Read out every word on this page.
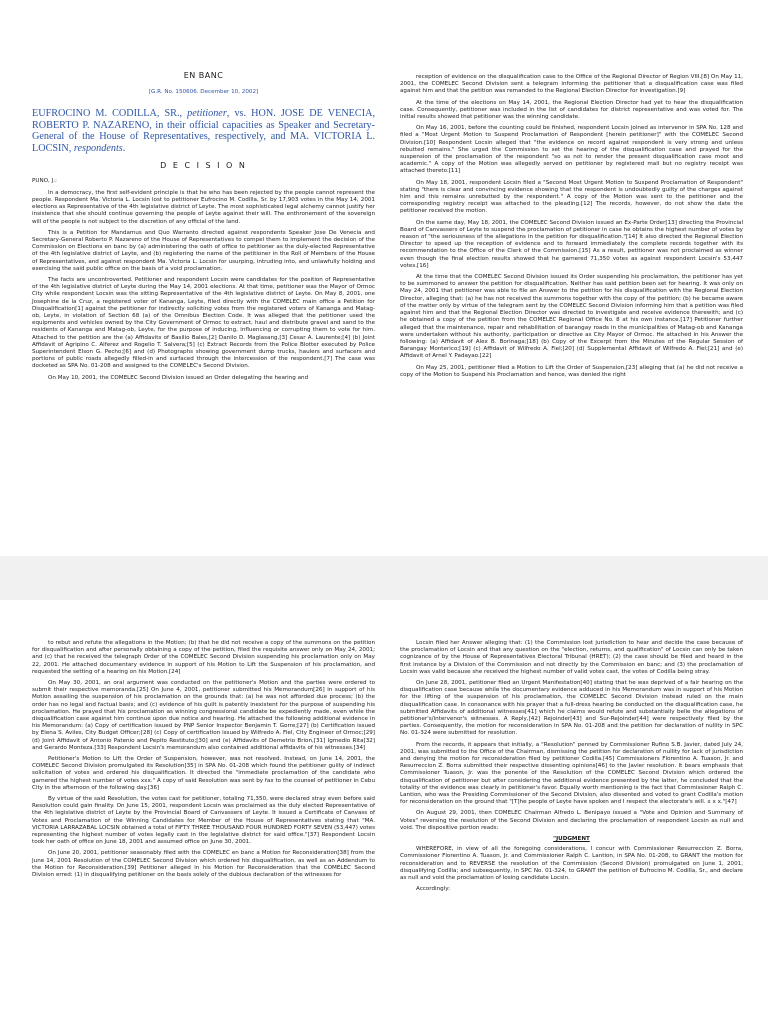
EN BANC

[G.R. No. 150606. December 10, 2002]

EUFROCINO M. CODILLA, SR., petitioner, vs. HON. JOSE DE VENECIA, ROBERTO P. NAZARENO, in their official capacities as Speaker and Secretary-General of the House of Representatives, respectively, and MA. VICTORIA L. LOCSIN, respondents.

D E C I S I O N

PUNO, J.:

In a democracy, the first self-evident principle is that he who has been rejected by the people cannot represent the people. Respondent Ma. Victoria L. Locsin lost to petitioner Eufrocino M. Codilla, Sr. by 17,903 votes in the May 14, 2001 elections as Representative of the 4th legislative district of Leyte. The most sophisticated legal alchemy cannot justify her insistence that she should continue governing the people of Leyte against their will. The enthronement of the sovereign will of the people is not subject to the discretion of any official of the land.

This is a Petition for Mandamus and Quo Warranto directed against respondents Speaker Jose De Venecia and Secretary-General Roberto P. Nazareno of the House of Representatives to compel them to implement the decision of the Commission on Elections en banc by (a) administering the oath of office to petitioner as the duly-elected Representative of the 4th legislative district of Leyte, and (b) registering the name of the petitioner in the Roll of Members of the House of Representatives, and against respondent Ma. Victoria L. Locsin for usurping, intruding into, and unlawfully holding and exercising the said public office on the basis of a void proclamation.

The facts are uncontroverted. Petitioner and respondent Locsin were candidates for the position of Representative of the 4th legislative district of Leyte during the May 14, 2001 elections. At that time, petitioner was the Mayor of Ormoc City while respondent Locsin was the sitting Representative of the 4th legislative district of Leyte. On May 8, 2001, one Josephine de la Cruz, a registered voter of Kananga, Leyte, filed directly with the COMELEC main office a Petition for Disqualification[1] against the petitioner for indirectly soliciting votes from the registered voters of Kananga and Matag-ob, Leyte, in violation of Section 68 (a) of the Omnibus Election Code. It was alleged that the petitioner used the equipments and vehicles owned by the City Government of Ormoc to extract, haul and distribute gravel and sand to the residents of Kananga and Matag-ob, Leyte, for the purpose of inducing, influencing or corrupting them to vote for him. Attached to the petition are the (a) Affidavits of Basilio Bales,[2] Danilo D. Maglasang,[3] Cesar A. Laurente;[4] (b) Joint Affidavit of Agripino C. Alferez and Rogelio T. Salvera;[5] (c) Extract Records from the Police Blotter executed by Police Superintendent Elson G. Pecho;[6] and (d) Photographs showing government dump trucks, haulers and surfacers and portions of public roads allegedly filled-in and surfaced through the intercession of the respondent.[7] The case was docketed as SPA No. 01-208 and assigned to the COMELEC's Second Division.

On May 10, 2001, the COMELEC Second Division issued an Order delegating the hearing and

reception of evidence on the disqualification case to the Office of the Regional Director of Region VIII.[8] On May 11, 2001, the COMELEC Second Division sent a telegram informing the petitioner that a disqualification case was filed against him and that the petition was remanded to the Regional Election Director for investigation.[9]

At the time of the elections on May 14, 2001, the Regional Election Director had yet to hear the disqualification case. Consequently, petitioner was included in the list of candidates for district representative and was voted for. The initial results showed that petitioner was the winning candidate.

On May 16, 2001, before the counting could be finished, respondent Locsin joined as intervenor in SPA No. 128 and filed a "Most Urgent Motion to Suspend Proclamation of Respondent [herein petitioner]" with the COMELEC Second Division.[10] Respondent Locsin alleged that "the evidence on record against respondent is very strong and unless rebutted remains." She urged the Commission to set the hearing of the disqualification case and prayed for the suspension of the proclamation of the respondent "so as not to render the present disqualification case moot and academic." A copy of the Motion was allegedly served on petitioner by registered mail but no registry receipt was attached thereto.[11]

On May 18, 2001, respondent Locsin filed a "Second Most Urgent Motion to Suspend Proclamation of Respondent" stating "there is clear and convincing evidence showing that the respondent is undoubtedly guilty of the charges against him and this remains unrebutted by the respondent." A copy of the Motion was sent to the petitioner and the corresponding registry receipt was attached to the pleading.[12] The records, however, do not show the date the petitioner received the motion.

On the same day, May 18, 2001, the COMELEC Second Division issued an Ex-Parte Order[13] directing the Provincial Board of Canvassers of Leyte to suspend the proclamation of petitioner in case he obtains the highest number of votes by reason of "the seriousness of the allegations in the petition for disqualification."[14] It also directed the Regional Election Director to speed up the reception of evidence and to forward immediately the complete records together with its recommendation to the Office of the Clerk of the Commission.[15] As a result, petitioner was not proclaimed as winner even though the final election results showed that he garnered 71,350 votes as against respondent Locsin's 53,447 votes.[16]

At the time that the COMELEC Second Division issued its Order suspending his proclamation, the petitioner has yet to be summoned to answer the petition for disqualification. Neither has said petition been set for hearing. It was only on May 24, 2001 that petitioner was able to file an Answer to the petition for his disqualification with the Regional Election Director, alleging that: (a) he has not received the summons together with the copy of the petition; (b) he became aware of the matter only by virtue of the telegram sent by the COMELEC Second Division informing him that a petition was filed against him and that the Regional Election Director was directed to investigate and receive evidence therewith; and (c) he obtained a copy of the petition from the COMELEC Regional Office No. 8 at his own instance.[17] Petitioner further alleged that the maintenance, repair and rehabilitation of barangay roads in the municipalities of Matag-ob and Kananga were undertaken without his authority, participation or directive as City Mayor of Ormoc. He attached in his Answer the following: (a) Affidavit of Alex B. Borinaga;[18] (b) Copy of the Excerpt from the Minutes of the Regular Session of Barangay Monterico;[19] (c) Affidavit of Wilfredo A. Fiel;[20] (d) Supplemental Affidavit of Wilfredo A. Fiel;[21] and (e) Affidavit of Arnel Y. Padayao.[22]

On May 25, 2001, petitioner filed a Motion to Lift the Order of Suspension,[23] alleging that (a) he did not receive a copy of the Motion to Suspend his Proclamation and hence, was denied the right

to rebut and refute the allegations in the Motion; (b) that he did not receive a copy of the summons on the petition for disqualification and after personally obtaining a copy of the petition, filed the requisite answer only on May 24, 2001; and (c) that he received the telegraph Order of the COMELEC Second Division suspending his proclamation only on May 22, 2001. He attached documentary evidence in support of his Motion to Lift the Suspension of his proclamation, and requested the setting of a hearing on his Motion.[24]

On May 30, 2001, an oral argument was conducted on the petitioner's Motion and the parties were ordered to submit their respective memoranda.[25] On June 4, 2001, petitioner submitted his Memorandum[26] in support of his Motion assailing the suspension of his proclamation on the grounds that: (a) he was not afforded due process; (b) the order has no legal and factual basis; and (c) evidence of his guilt is patently inexistent for the purpose of suspending his proclamation. He prayed that his proclamation as winning congressional candidate be expediently made, even while the disqualification case against him continue upon due notice and hearing. He attached the following additional evidence in his Memorandum: (a) Copy of certification issued by PNP Senior Inspector Benjamin T. Gorre;[27] (b) Certification issued by Elena S. Aviles, City Budget Officer;[28] (c) Copy of certification issued by Wilfredo A. Fiel, City Engineer of Ormoc;[29] (d) Joint Affidavit of Antonio Patenio and Pepito Restituto;[30] and (e) Affidavits of Demetrio Brion,[31] Igmedio Rita[32] and Gerardo Monteza.[33] Respondent Locsin's memorandum also contained additional affidavits of his witnesses.[34]

Petitioner's Motion to Lift the Order of Suspension, however, was not resolved. Instead, on June 14, 2001, the COMELEC Second Division promulgated its Resolution[35] in SPA No. 01-208 which found the petitioner guilty of indirect solicitation of votes and ordered his disqualification. It directed the "immediate proclamation of the candidate who garnered the highest number of votes xxx." A copy of said Resolution was sent by fax to the counsel of petitioner in Cebu City in the afternoon of the following day.[36]

By virtue of the said Resolution, the votes cast for petitioner, totaling 71,350, were declared stray even before said Resolution could gain finality. On June 15, 2001, respondent Locsin was proclaimed as the duly elected Representative of the 4th legislative district of Leyte by the Provincial Board of Canvassers of Leyte. It issued a Certificate of Canvass of Votes and Proclamation of the Winning Candidates for Member of the House of Representatives stating that "MA. VICTORIA LARRAZABAL LOCSIN obtained a total of FIFTY THREE THOUSAND FOUR HUNDRED FORTY SEVEN (53,447) votes representing the highest number of votes legally cast in the legislative district for said office."[37] Respondent Locsin took her oath of office on June 18, 2001 and assumed office on June 30, 2001.

On June 20, 2001, petitioner seasonably filed with the COMELEC en banc a Motion for Reconsideration[38] from the June 14, 2001 Resolution of the COMELEC Second Division which ordered his disqualification, as well as an Addendum to the Motion for Reconsideration.[39] Petitioner alleged in his Motion for Reconsideration that the COMELEC Second Division erred: (1) in disqualifying petitioner on the basis solely of the dubious declaration of the witnesses for

Locsin filed her Answer alleging that: (1) the Commission lost jurisdiction to hear and decide the case because of the proclamation of Locsin and that any question on the "election, returns, and qualification" of Locsin can only be taken cognizance of by the House of Representatives Electoral Tribunal (HRET); (2) the case should be filed and heard in the first instance by a Division of the Commission and not directly by the Commission en banc; and (3) the proclamation of Locsin was valid because she received the highest number of valid votes cast, the votes of Codilla being stray.

On June 28, 2001, petitioner filed an Urgent Manifestation[40] stating that he was deprived of a fair hearing on the disqualification case because while the documentary evidence adduced in his Memorandum was in support of his Motion for the lifting of the suspension of his proclamation, the COMELEC Second Division instead ruled on the main disqualification case. In consonance with his prayer that a full-dress hearing be conducted on the disqualification case, he submitted Affidavits of additional witnesses[41] which he claims would refute and substantially belie the allegations of petitioner's/intervenor's witnesses. A Reply,[42] Rejoinder[43] and Sur-Rejoinder[44] were respectively filed by the parties. Consequently, the motion for reconsideration in SPA No. 01-208 and the petition for declaration of nullity in SPC No. 01-324 were submitted for resolution.

From the records, it appears that initially, a "Resolution" penned by Commissioner Rufino S.B. Javier, dated July 24, 2001, was submitted to the Office of the Chairman, dismissing the petition for declaration of nullity for lack of jurisdiction and denying the motion for reconsideration filed by petitioner Codilla.[45] Commissioners Florentino A. Tuason, Jr. and Resurreccion Z. Borra submitted their respective dissenting opinions[46] to the Javier resolution. It bears emphasis that Commissioner Tuason, Jr. was the ponente of the Resolution of the COMELEC Second Division which ordered the disqualification of petitioner but after considering the additional evidence presented by the latter, he concluded that the totality of the evidence was clearly in petitioner's favor. Equally worth mentioning is the fact that Commissioner Ralph C. Lantion, who was the Presiding Commissioner of the Second Division, also dissented and voted to grant Codilla's motion for reconsideration on the ground that "[T]he people of Leyte have spoken and I respect the electorate's will. x x x."[47]

On August 29, 2001, then COMELEC Chairman Alfredo L. Benipayo issued a "Vote and Opinion and Summary of Votes" reversing the resolution of the Second Division and declaring the proclamation of respondent Locsin as null and void. The dispositive portion reads:

"JUDGMENT

WHEREFORE, in view of all the foregoing considerations, I concur with Commissioner Resurreccion Z. Borra, Commissioner Florentino A. Tuason, Jr. and Commissioner Ralph C. Lantion, in SPA No. 01-208, to GRANT the motion for reconsideration and to REVERSE the resolution of the Commission (Second Division) promulgated on June 1, 2001, disqualifying Codilla; and subsequently, in SPC No. 01-324, to GRANT the petition of Eufrocino M. Codilla, Sr., and declare as null and void the proclamation of losing candidate Locsin.

Accordingly:
